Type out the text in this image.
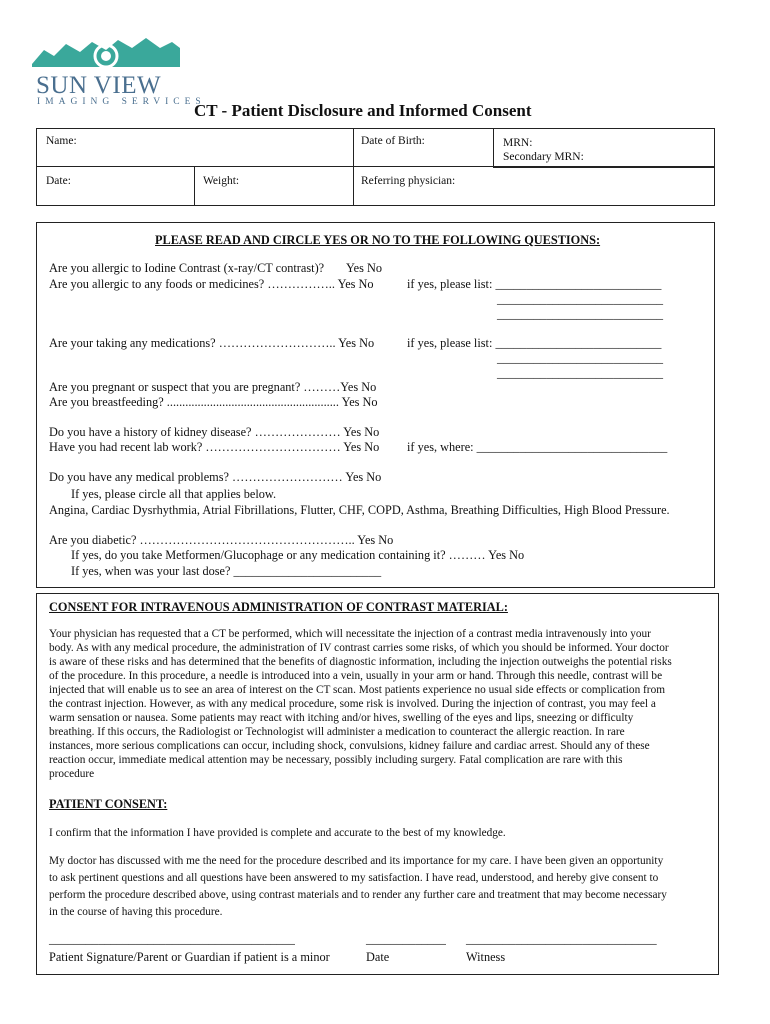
SUN VIEW
IMAGING SERVICES
CT - Patient Disclosure and Informed Consent
Name:	Date of Birth:	MRN:
Secondary MRN:
Date:	Weight:	Referring physician:
PLEASE READ AND CIRCLE YES OR NO TO THE FOLLOWING QUESTIONS:
Are you allergic to Iodine Contrast (x-ray/CT contrast)? Yes No
Are you allergic to any foods or medicines? …………….. Yes No	if yes, please list: ___________________________
___________________________
___________________________
Are your taking any medications? ……………………….. Yes No	if yes, please list: ___________________________
___________________________
___________________________
Are you pregnant or suspect that you are pregnant? ………Yes No
Are you breastfeeding? ........................................................ Yes No
Do you have a history of kidney disease? ………………… Yes No
Have you had recent lab work? …………………………… Yes No if yes, where: _______________________________
Do you have any medical problems? ……………………… Yes No
If yes, please circle all that applies below.
Angina, Cardiac Dysrhythmia, Atrial Fibrillations, Flutter, CHF, COPD, Asthma, Breathing Difficulties, High Blood Pressure.
Are you diabetic? …………………………………………….. Yes No
If yes, do you take Metformen/Glucophage or any medication containing it? ……… Yes No
If yes, when was your last dose? ________________________
CONSENT FOR INTRAVENOUS ADMINISTRATION OF CONTRAST MATERIAL:
Your physician has requested that a CT be performed, which will necessitate the injection of a contrast media intravenously into your
body. As with any medical procedure, the administration of IV contrast carries some risks, of which you should be informed. Your doctor
is aware of these risks and has determined that the benefits of diagnostic information, including the injection outweighs the potential risks
of the procedure. In this procedure, a needle is introduced into a vein, usually in your arm or hand. Through this needle, contrast will be
injected that will enable us to see an area of interest on the CT scan. Most patients experience no usual side effects or complication from
the contrast injection. However, as with any medical procedure, some risk is involved. During the injection of contrast, you may feel a
warm sensation or nausea. Some patients may react with itching and/or hives, swelling of the eyes and lips, sneezing or difficulty
breathing. If this occurs, the Radiologist or Technologist will administer a medication to counteract the allergic reaction. In rare
instances, more serious complications can occur, including shock, convulsions, kidney failure and cardiac arrest. Should any of these
reaction occur, immediate medical attention may be necessary, possibly including surgery. Fatal complication are rare with this
procedure
PATIENT CONSENT:
I confirm that the information I have provided is complete and accurate to the best of my knowledge.
My doctor has discussed with me the need for the procedure described and its importance for my care. I have been given an opportunity
to ask pertinent questions and all questions have been answered to my satisfaction. I have read, understood, and hereby give consent to
perform the procedure described above, using contrast materials and to render any further care and treatment that may become necessary
in the course of having this procedure.
________________________________________	_____________ _______________________________
Patient Signature/Parent or Guardian if patient is a minor	Date	Witness
